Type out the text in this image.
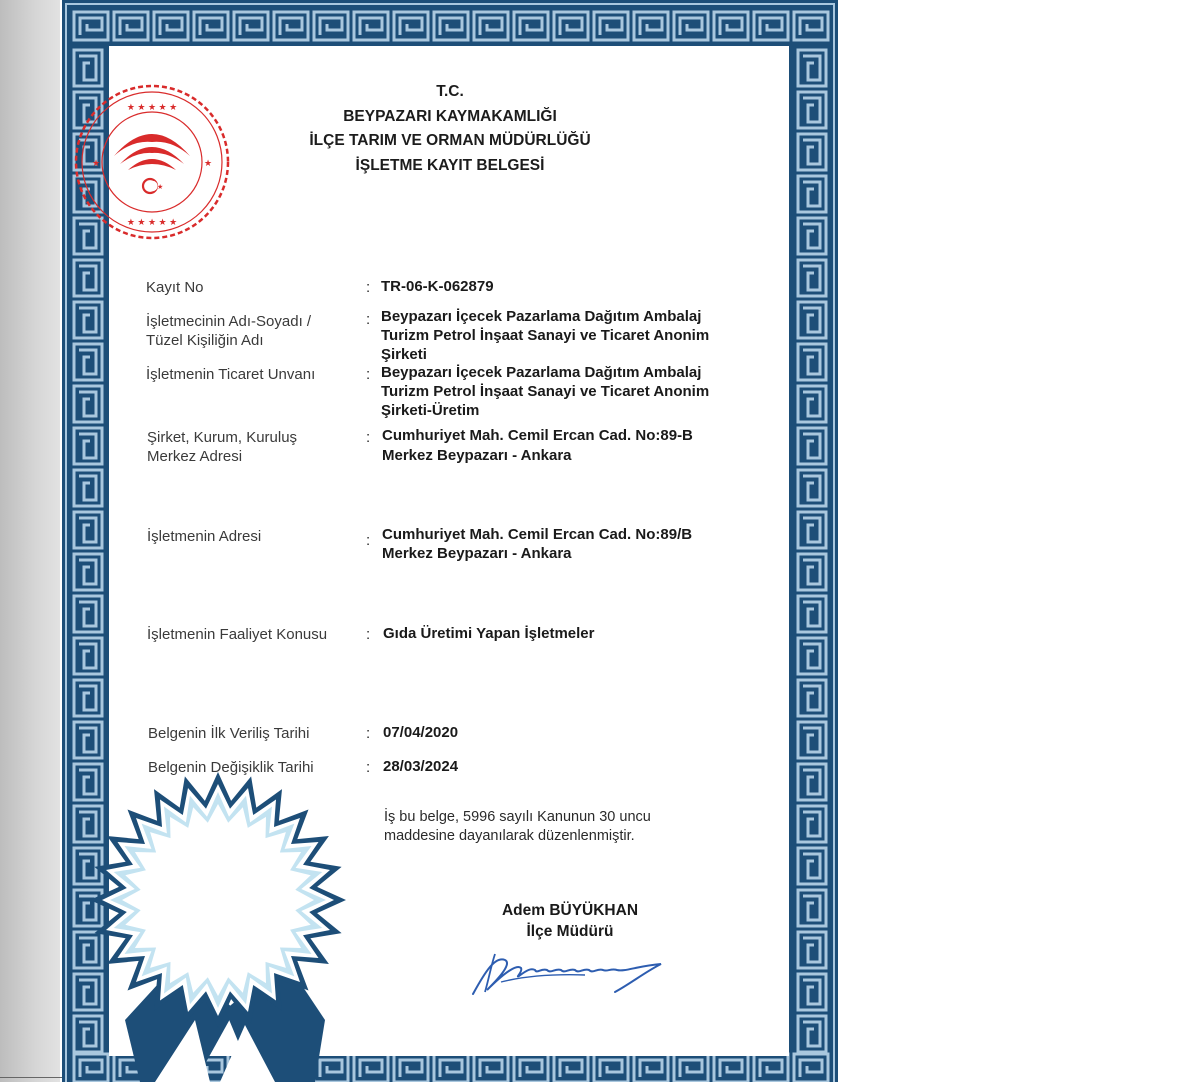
★ ★ ★ ★ ★
★	★
★ ★ ★ ★ ★
★
T.C.
BEYPAZARI KAYMAKAMLIĞI
İLÇE TARIM VE ORMAN MÜDÜRLÜĞÜ
İŞLETME KAYIT BELGESİ
Kayıt No	: TR-06-K-062879
İşletmecinin Adı-Soyadı /
Tüzel Kişiliğin Adı
: Beypazarı İçecek Pazarlama Dağıtım Ambalaj
Turizm Petrol İnşaat Sanayi ve Ticaret Anonim
Şirketi
İşletmenin Ticaret Unvanı	: Beypazarı İçecek Pazarlama Dağıtım Ambalaj
Turizm Petrol İnşaat Sanayi ve Ticaret Anonim
Şirketi-Üretim
Şirket, Kurum, Kuruluş
Merkez Adresi
: Cumhuriyet Mah. Cemil Ercan Cad. No:89-B
Merkez Beypazarı - Ankara
İşletmenin Adresi	: Cumhuriyet Mah. Cemil Ercan Cad. No:89/B
Merkez Beypazarı - Ankara
İşletmenin Faaliyet Konusu	: Gıda Üretimi Yapan İşletmeler
Belgenin İlk Veriliş Tarihi	: 07/04/2020
Belgenin Değişiklik Tarihi	: 28/03/2024
İş bu belge, 5996 sayılı Kanunun 30 uncu
maddesine dayanılarak düzenlenmiştir.
Adem BÜYÜKHAN
İlçe Müdürü
